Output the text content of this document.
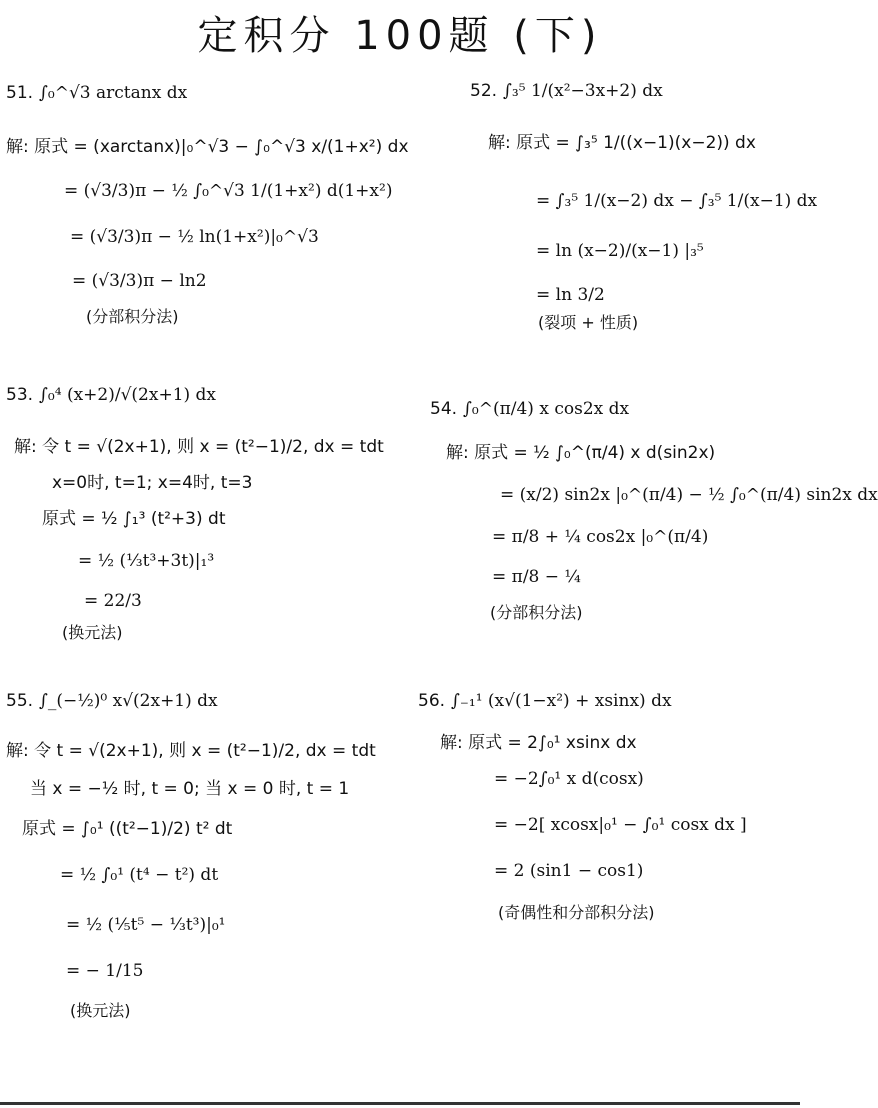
定积分 100题 (下)
51. ∫₀^√3 arctanx dx
解: 原式 = (xarctanx)|₀^√3 − ∫₀^√3 x/(1+x²) dx
= (√3/3)π − ½ ∫₀^√3 1/(1+x²) d(1+x²)
= (√3/3)π − ½ ln(1+x²)|₀^√3
= (√3/3)π − ln2
(分部积分法)
52. ∫₃⁵ 1/(x²−3x+2) dx
解: 原式 = ∫₃⁵ 1/((x−1)(x−2)) dx
= ∫₃⁵ 1/(x−2) dx − ∫₃⁵ 1/(x−1) dx
= ln (x−2)/(x−1) |₃⁵
= ln 3/2
(裂项 + 性质)
53. ∫₀⁴ (x+2)/√(2x+1) dx
解: 令 t = √(2x+1), 则 x = (t²−1)/2, dx = tdt
x=0时, t=1; x=4时, t=3
原式 = ½ ∫₁³ (t²+3) dt
= ½ (⅓t³+3t)|₁³
= 22/3
(换元法)
54. ∫₀^(π/4) x cos2x dx
解: 原式 = ½ ∫₀^(π/4) x d(sin2x)
= (x/2) sin2x |₀^(π/4) − ½ ∫₀^(π/4) sin2x dx
= π/8 + ¼ cos2x |₀^(π/4)
= π/8 − ¼
(分部积分法)
55. ∫_(−½)⁰ x√(2x+1) dx
解: 令 t = √(2x+1), 则 x = (t²−1)/2, dx = tdt
当 x = −½ 时, t = 0; 当 x = 0 时, t = 1
原式 = ∫₀¹ ((t²−1)/2) t² dt
= ½ ∫₀¹ (t⁴ − t²) dt
= ½ (⅕t⁵ − ⅓t³)|₀¹
= − 1/15
(换元法)
56. ∫₋₁¹ (x√(1−x²) + xsinx) dx
解: 原式 = 2∫₀¹ xsinx dx
= −2∫₀¹ x d(cosx)
= −2[ xcosx|₀¹ − ∫₀¹ cosx dx ]
= 2 (sin1 − cos1)
(奇偶性和分部积分法)
